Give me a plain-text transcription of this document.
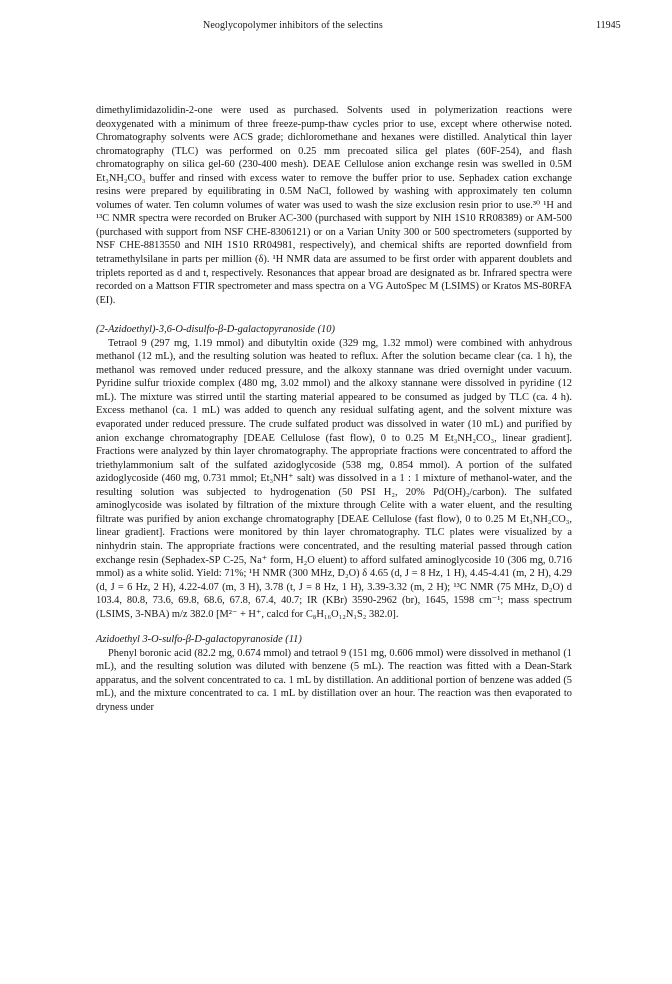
Neoglycopolymer inhibitors of the selectins	11945

dimethylimidazolidin-2-one were used as purchased. Solvents used in polymerization reactions were deoxygenated with a minimum of three freeze-pump-thaw cycles prior to use, except where otherwise noted. Chromatography solvents were ACS grade; dichloromethane and hexanes were distilled. Analytical thin layer chromatography (TLC) was performed on 0.25 mm precoated silica gel plates (60F-254), and flash chromatography on silica gel-60 (230-400 mesh). DEAE Cellulose anion exchange resin was swelled in 0.5M Et₃NH₂CO₃ buffer and rinsed with excess water to remove the buffer prior to use. Sephadex cation exchange resins were prepared by equilibrating in 0.5M NaCl, followed by washing with approximately ten column volumes of water. Ten column volumes of water was used to wash the size exclusion resin prior to use.³⁰ ¹H and ¹³C NMR spectra were recorded on Bruker AC-300 (purchased with support by NIH 1S10 RR08389) or AM-500 (purchased with support from NSF CHE-8306121) or on a Varian Unity 300 or 500 spectrometers (supported by NSF CHE-8813550 and NIH 1S10 RR04981, respectively), and chemical shifts are reported downfield from tetramethylsilane in parts per million (δ). ¹H NMR data are assumed to be first order with apparent doublets and triplets reported as d and t, respectively. Resonances that appear broad are designated as br. Infrared spectra were recorded on a Mattson FTIR spectrometer and mass spectra on a VG AutoSpec M (LSIMS) or Kratos MS-80RFA (EI).

(2-Azidoethyl)-3,6-O-disulfo-β-D-galactopyranoside (10)

Tetraol 9 (297 mg, 1.19 mmol) and dibutyltin oxide (329 mg, 1.32 mmol) were combined with anhydrous methanol (12 mL), and the resulting solution was heated to reflux. After the solution became clear (ca. 1 h), the methanol was removed under reduced pressure, and the alkoxy stannane was dried overnight under vacuum. Pyridine sulfur trioxide complex (480 mg, 3.02 mmol) and the alkoxy stannane were dissolved in pyridine (12 mL). The mixture was stirred until the starting material appeared to be consumed as judged by TLC (ca. 4 h). Excess methanol (ca. 1 mL) was added to quench any residual sulfating agent, and the solvent mixture was evaporated under reduced pressure. The crude sulfated product was dissolved in water (10 mL) and purified by anion exchange chromatography [DEAE Cellulose (fast flow), 0 to 0.25 M Et₃NH₂CO₃, linear gradient]. Fractions were analyzed by thin layer chromatography. The appropriate fractions were concentrated to afford the triethylammonium salt of the sulfated azidoglycoside (538 mg, 0.854 mmol). A portion of the sulfated azidoglycoside (460 mg, 0.731 mmol; Et₃NH⁺ salt) was dissolved in a 1 : 1 mixture of methanol-water, and the resulting solution was subjected to hydrogenation (50 PSI H₂, 20% Pd(OH)₂/carbon). The sulfated aminoglycoside was isolated by filtration of the mixture through Celite with a water eluent, and the resulting filtrate was purified by anion exchange chromatography [DEAE Cellulose (fast flow), 0 to 0.25 M Et₃NH₂CO₃, linear gradient]. Fractions were monitored by thin layer chromatography. TLC plates were visualized by a ninhydrin stain. The appropriate fractions were concentrated, and the resulting material passed through cation exchange resin (Sephadex-SP C-25, Na⁺ form, H₂O eluent) to afford sulfated aminoglycoside 10 (306 mg, 0.716 mmol) as a white solid. Yield: 71%; ¹H NMR (300 MHz, D₂O) δ 4.65 (d, J = 8 Hz, 1 H), 4.45-4.41 (m, 2 H), 4.29 (d, J = 6 Hz, 2 H), 4.22-4.07 (m, 3 H), 3.78 (t, J = 8 Hz, 1 H), 3.39-3.32 (m, 2 H); ¹³C NMR (75 MHz, D₂O) d 103.4, 80.8, 73.6, 69.8, 68.6, 67.8, 67.4, 40.7; IR (KBr) 3590-2962 (br), 1645, 1598 cm⁻¹; mass spectrum (LSIMS, 3-NBA) m/z 382.0 [M²⁻ + H⁺, calcd for C₈H₁₆O₁₂N₁S₂ 382.0].

Azidoethyl 3-O-sulfo-β-D-galactopyranoside (11)

Phenyl boronic acid (82.2 mg, 0.674 mmol) and tetraol 9 (151 mg, 0.606 mmol) were dissolved in methanol (1 mL), and the resulting solution was diluted with benzene (5 mL). The reaction was fitted with a Dean-Stark apparatus, and the solvent concentrated to ca. 1 mL by distillation. An additional portion of benzene was added (5 mL), and the mixture concentrated to ca. 1 mL by distillation over an hour. The reaction was then evaporated to dryness under
